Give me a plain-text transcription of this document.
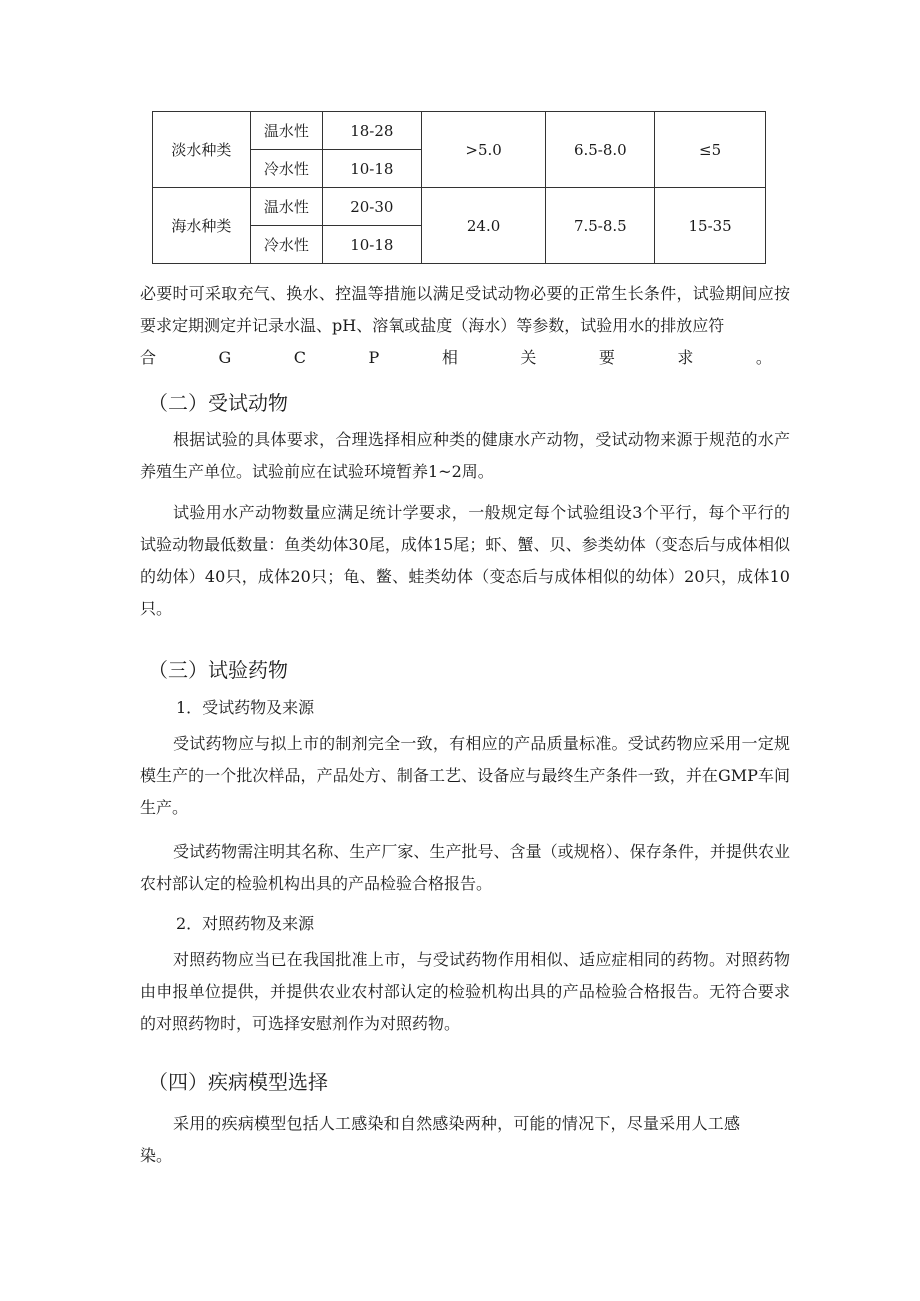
淡水种类	温水性	18-28	>5.0	6.5-8.0	≤5
	冷水性	10-18			
海水种类	温水性	20-30	24.0	7.5-8.5	15-35
	冷水性	10-18			

必要时可采取充气、换水、控温等措施以满足受试动物必要的正常生长条件，试验期间应按要求定期测定并记录水温、pH、溶氧或盐度（海水）等参数，试验用水的排放应符

合	G	C	P	相	关	要	求	。
（二）受试动物

根据试验的具体要求，合理选择相应种类的健康水产动物，受试动物来源于规范的水产养殖生产单位。试验前应在试验环境暂养1~2周。

试验用水产动物数量应满足统计学要求，一般规定每个试验组设3个平行，每个平行的试验动物最低数量：鱼类幼体30尾，成体15尾；虾、蟹、贝、参类幼体（变态后与成体相似的幼体）40只，成体20只；龟、鳖、蛙类幼体（变态后与成体相似的幼体）20只，成体10只。

（三）试验药物

1．受试药物及来源

受试药物应与拟上市的制剂完全一致，有相应的产品质量标准。受试药物应采用一定规模生产的一个批次样品，产品处方、制备工艺、设备应与最终生产条件一致，并在GMP车间生产。

受试药物需注明其名称、生产厂家、生产批号、含量（或规格）、保存条件，并提供农业农村部认定的检验机构出具的产品检验合格报告。

2．对照药物及来源

对照药物应当已在我国批准上市，与受试药物作用相似、适应症相同的药物。对照药物由申报单位提供，并提供农业农村部认定的检验机构出具的产品检验合格报告。无符合要求的对照药物时，可选择安慰剂作为对照药物。

（四）疾病模型选择

采用的疾病模型包括人工感染和自然感染两种，可能的情况下，尽量采用人工感染。
